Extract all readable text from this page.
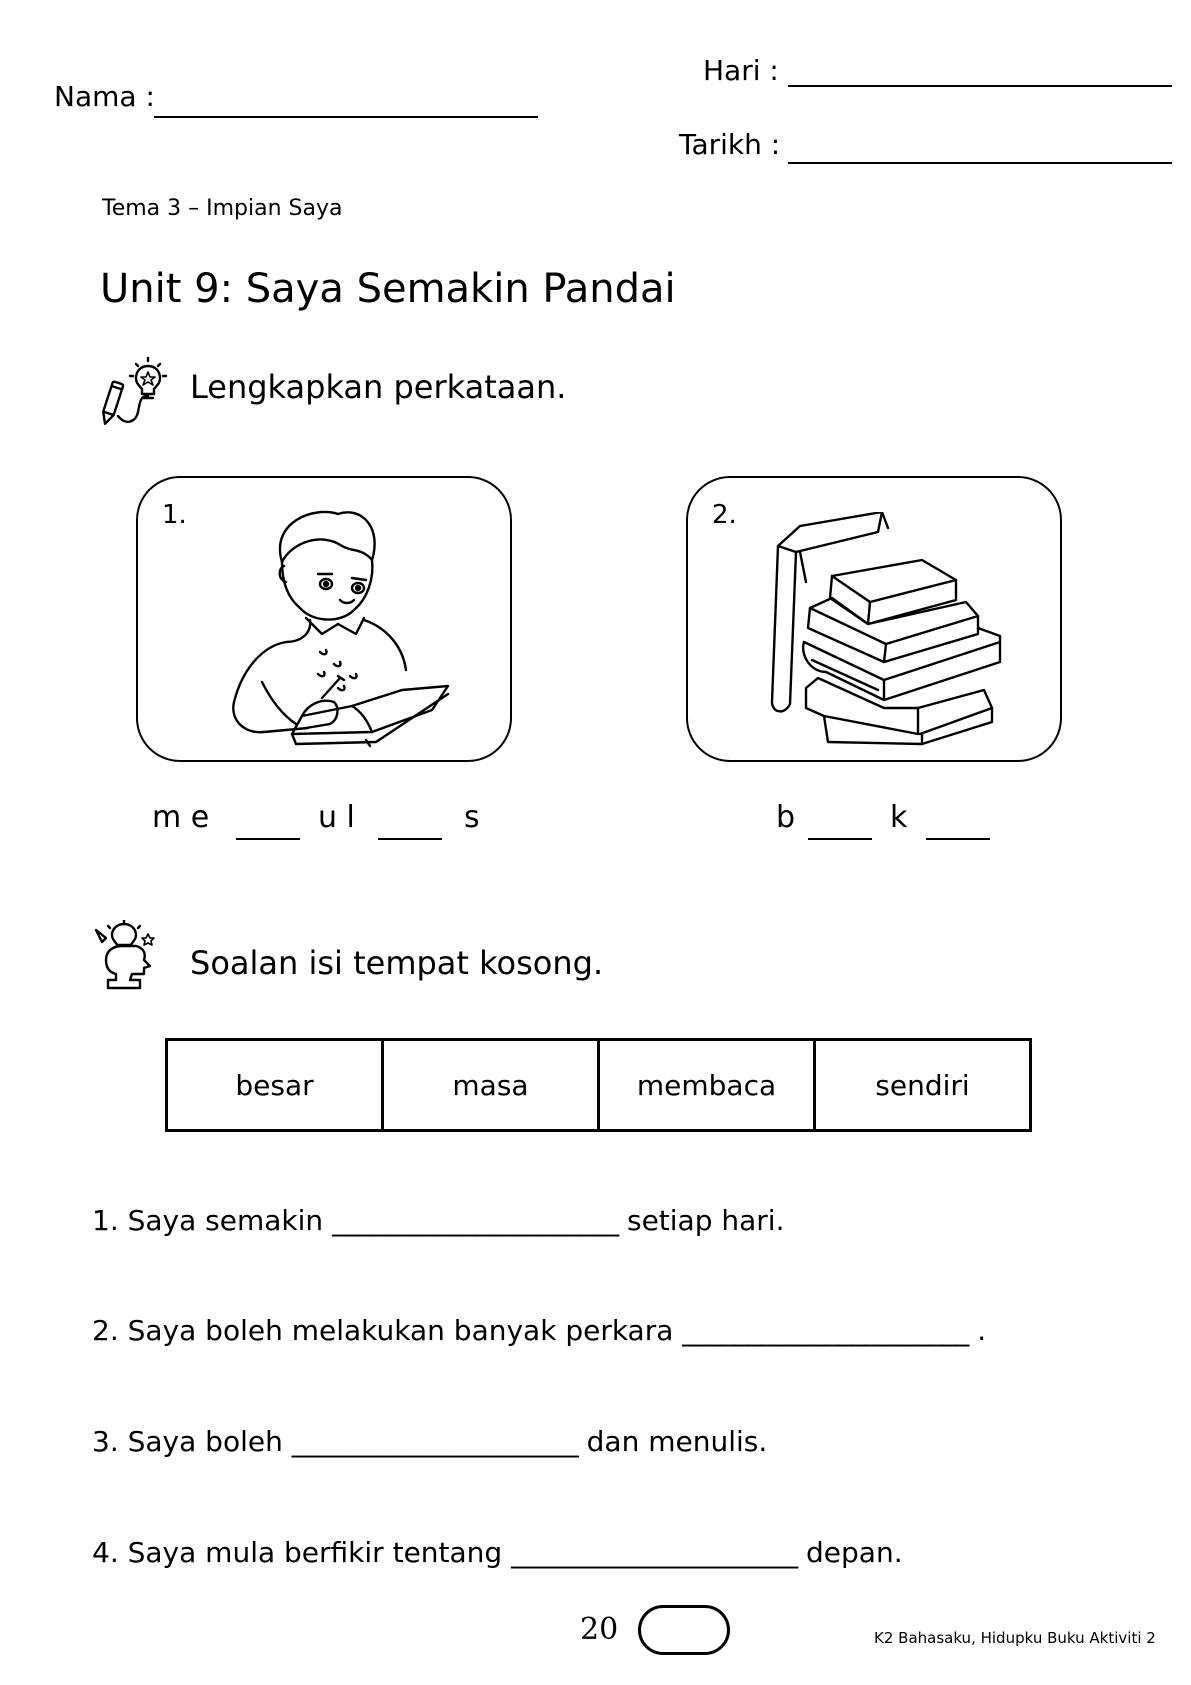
Nama :
Hari :
Tarikh :
Tema 3 – Impian Saya
Unit 9: Saya Semakin Pandai
Lengkapkan perkataan.
1.	2.
m e	u l	s	b	k
Soalan isi tempat kosong.
besar	masa	membaca	sendiri
1. Saya semakin ______________________ setiap hari.
2. Saya boleh melakukan banyak perkara ______________________ .
3. Saya boleh ______________________ dan menulis.
4. Saya mula berfikir tentang ______________________ depan.
20	K2 Bahasaku, Hidupku Buku Aktiviti 2
